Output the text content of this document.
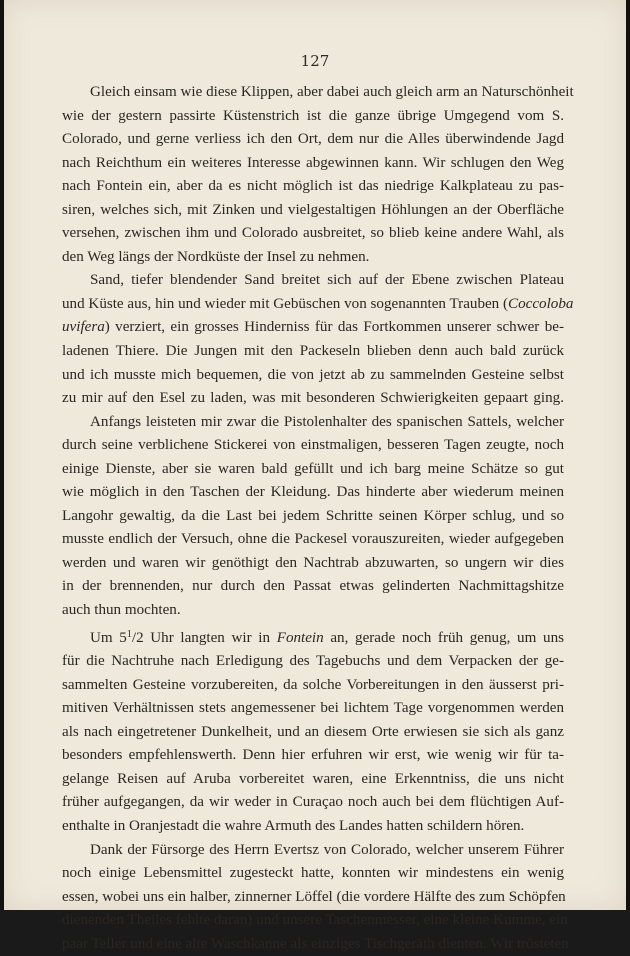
127
Gleich einsam wie diese Klippen, aber dabei auch gleich arm an Naturschönheit
wie der gestern passirte Küstenstrich ist die ganze übrige Umgegend vom S.
Colorado, und gerne verliess ich den Ort, dem nur die Alles überwindende Jagd
nach Reichthum ein weiteres Interesse abgewinnen kann. Wir schlugen den Weg
nach Fontein ein, aber da es nicht möglich ist das niedrige Kalkplateau zu pas-
siren, welches sich, mit Zinken und vielgestaltigen Höhlungen an der Oberfläche
versehen, zwischen ihm und Colorado ausbreitet, so blieb keine andere Wahl, als
den Weg längs der Nordküste der Insel zu nehmen.
Sand, tiefer blendender Sand breitet sich auf der Ebene zwischen Plateau
und Küste aus, hin und wieder mit Gebüschen von sogenannten Trauben (Coccoloba
uvifera) verziert, ein grosses Hinderniss für das Fortkommen unserer schwer be-
ladenen Thiere. Die Jungen mit den Packeseln blieben denn auch bald zurück
und ich musste mich bequemen, die von jetzt ab zu sammelnden Gesteine selbst
zu mir auf den Esel zu laden, was mit besonderen Schwierigkeiten gepaart ging.
Anfangs leisteten mir zwar die Pistolenhalter des spanischen Sattels, welcher
durch seine verblichene Stickerei von einstmaligen, besseren Tagen zeugte, noch
einige Dienste, aber sie waren bald gefüllt und ich barg meine Schätze so gut
wie möglich in den Taschen der Kleidung. Das hinderte aber wiederum meinen
Langohr gewaltig, da die Last bei jedem Schritte seinen Körper schlug, und so
musste endlich der Versuch, ohne die Packesel vorauszureiten, wieder aufgegeben
werden und waren wir genöthigt den Nachtrab abzuwarten, so ungern wir dies
in der brennenden, nur durch den Passat etwas gelinderten Nachmittagshitze
auch thun mochten.
Um $5^1/2$ Uhr langten wir in Fontein an, gerade noch früh genug, um uns
für die Nachtruhe nach Erledigung des Tagebuchs und dem Verpacken der ge-
sammelten Gesteine vorzubereiten, da solche Vorbereitungen in den äusserst pri-
mitiven Verhältnissen stets angemessener bei lichtem Tage vorgenommen werden
als nach eingetretener Dunkelheit, und an diesem Orte erwiesen sie sich als ganz
besonders empfehlenswerth. Denn hier erfuhren wir erst, wie wenig wir für ta-
gelange Reisen auf Aruba vorbereitet waren, eine Erkenntniss, die uns nicht
früher aufgegangen, da wir weder in Curaçao noch auch bei dem flüchtigen Auf-
enthalte in Oranjestadt die wahre Armuth des Landes hatten schildern hören.
Dank der Fürsorge des Herrn Evertsz von Colorado, welcher unserem Führer
noch einige Lebensmittel zugesteckt hatte, konnten wir mindestens ein wenig
essen, wobei uns ein halber, zinnerner Löffel (die vordere Hälfte des zum Schöpfen
dienenden Theiles fehlte daran) und unsere Taschenmesser, eine kleine Kumme, ein
paar Teller und eine alte Waschkanne als einziges Tischgeräth dienten. Wir trösteten
